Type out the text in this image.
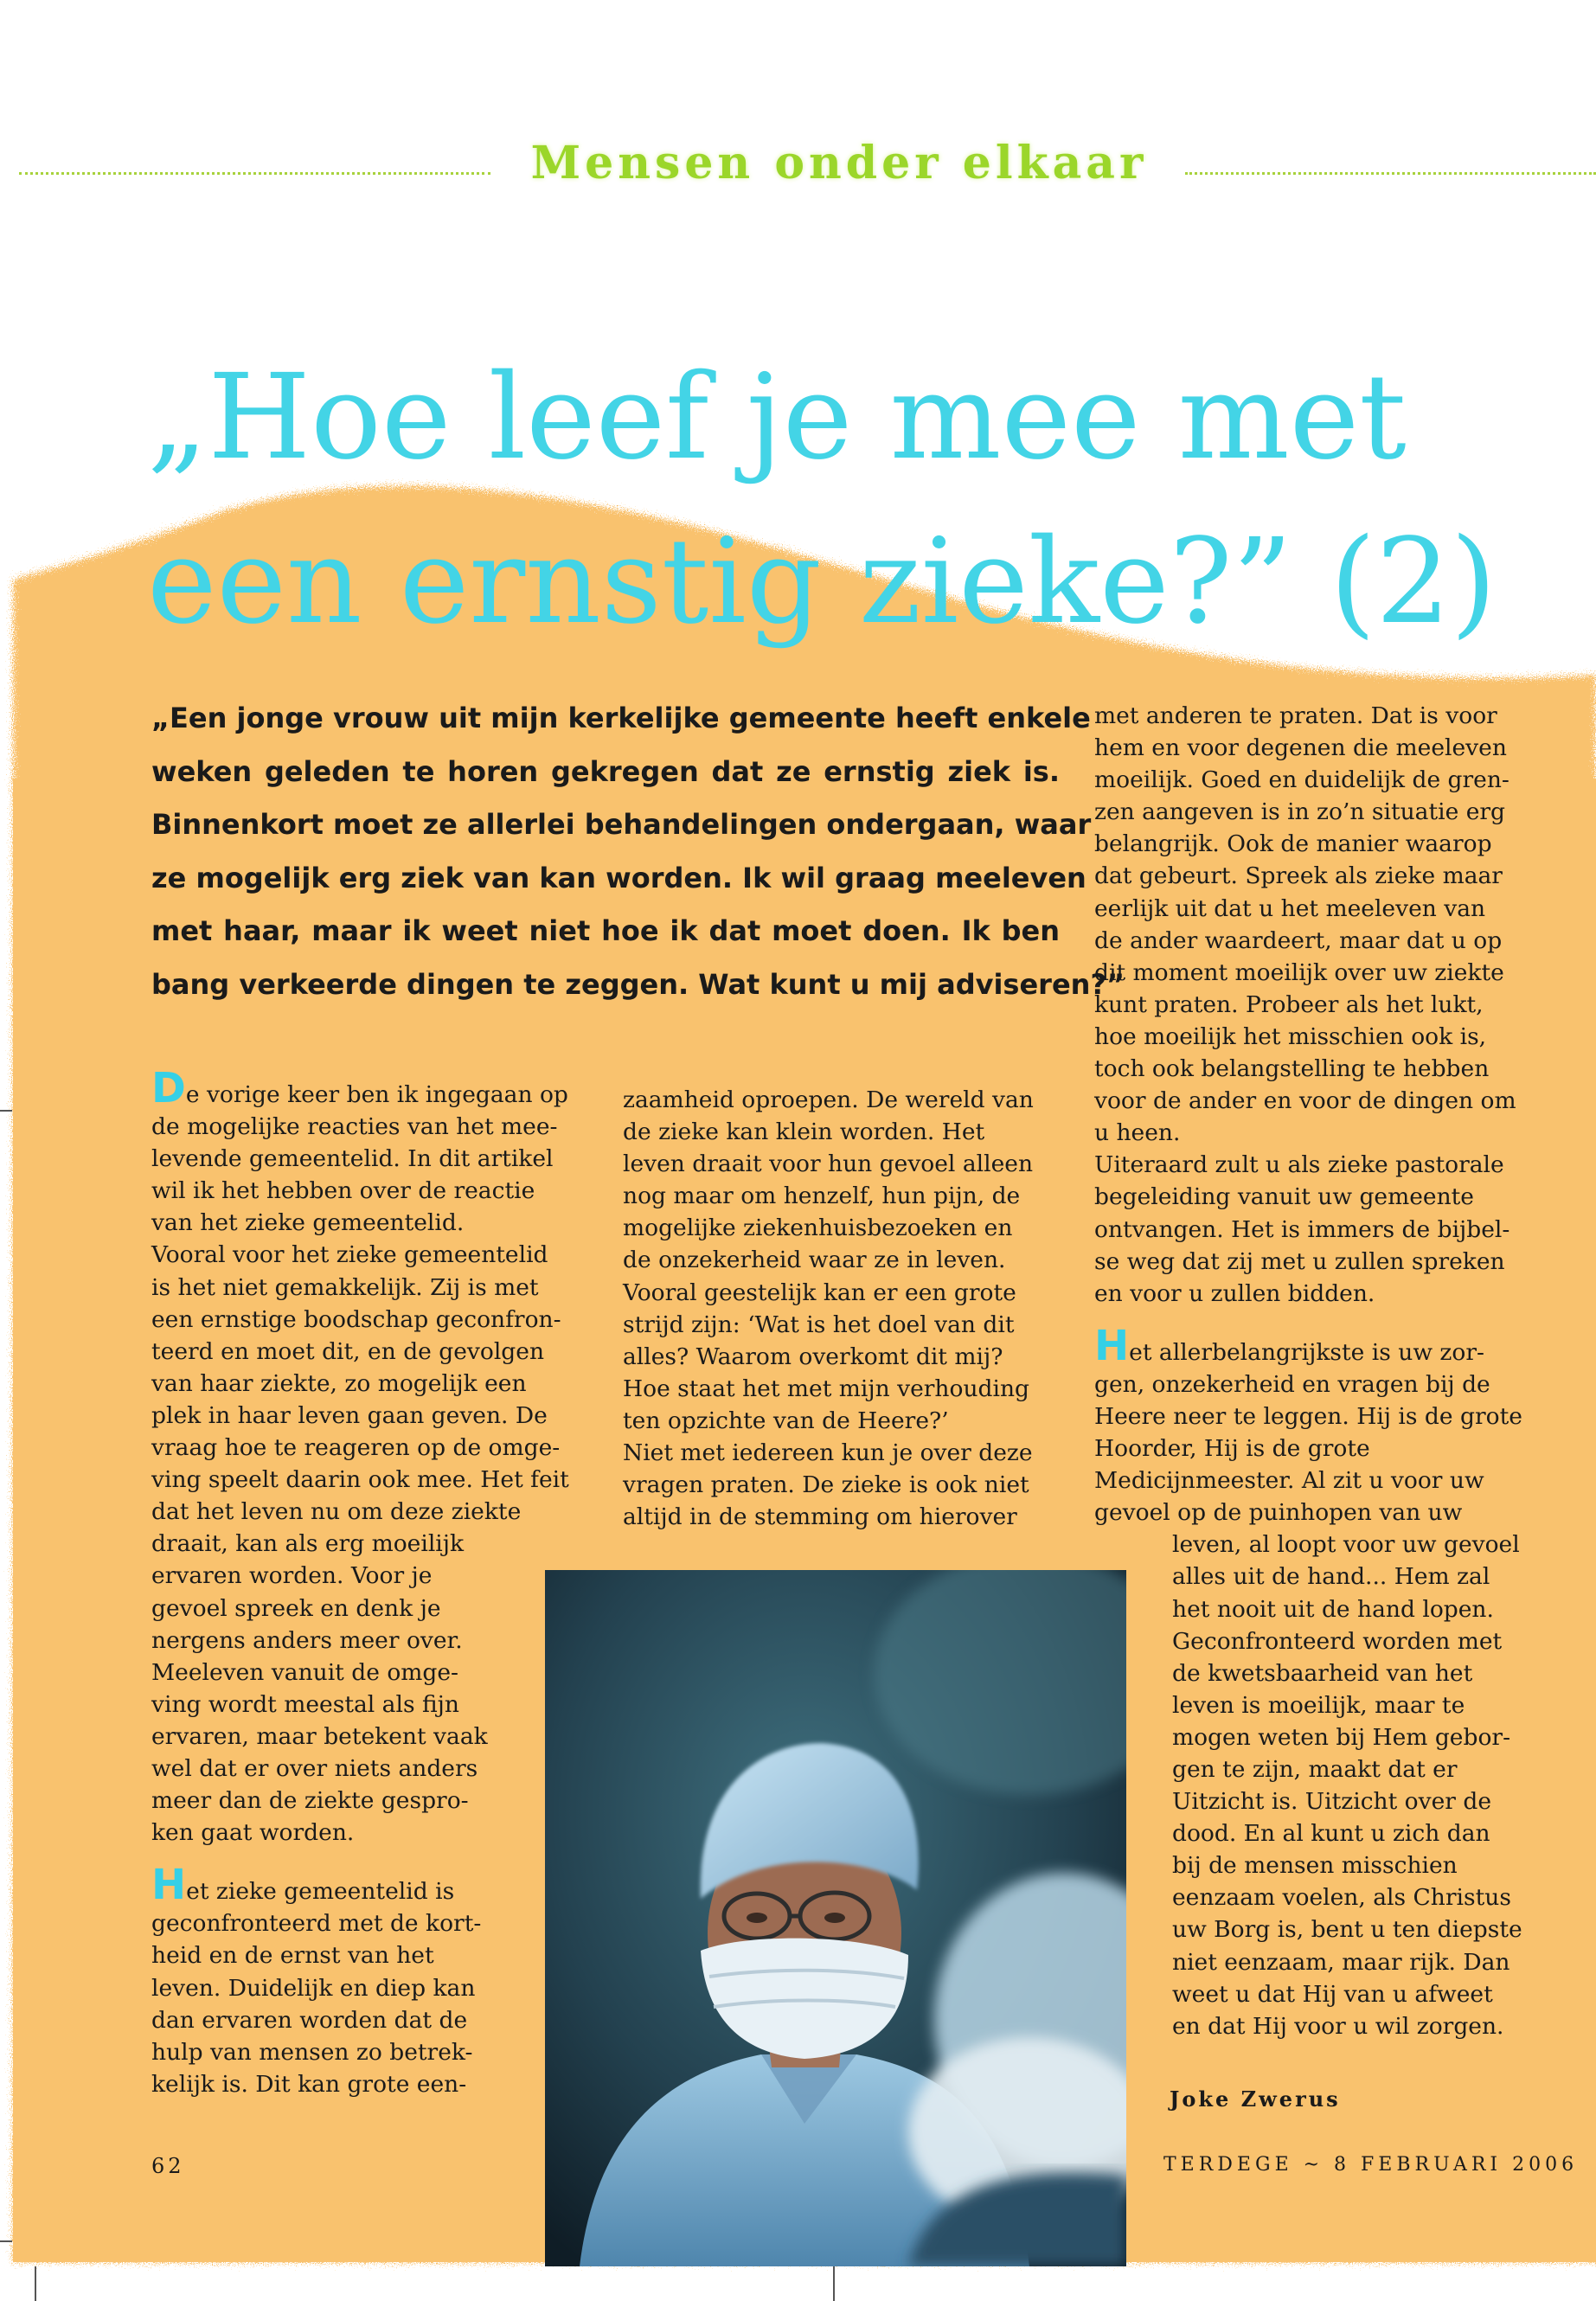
Mensen onder elkaar
„Hoe leef je mee met
een ernstig zieke?” (2)
„Een jonge vrouw uit mijn kerkelijke gemeente heeft enkele
weken geleden te horen gekregen dat ze ernstig ziek is.
Binnenkort moet ze allerlei behandelingen ondergaan, waar
ze mogelijk erg ziek van kan worden. Ik wil graag meeleven
met haar, maar ik weet niet hoe ik dat moet doen. Ik ben
bang verkeerde dingen te zeggen. Wat kunt u mij adviseren?”
De vorige keer ben ik ingegaan op
de mogelijke reacties van het mee-
levende gemeentelid. In dit artikel
wil ik het hebben over de reactie
van het zieke gemeentelid.
Vooral voor het zieke gemeentelid
is het niet gemakkelijk. Zij is met
een ernstige boodschap geconfron-
teerd en moet dit, en de gevolgen
van haar ziekte, zo mogelijk een
plek in haar leven gaan geven. De
vraag hoe te reageren op de omge-
ving speelt daarin ook mee. Het feit
dat het leven nu om deze ziekte
draait, kan als erg moeilijk
ervaren worden. Voor je
gevoel spreek en denk je
nergens anders meer over.
Meeleven vanuit de omge-
ving wordt meestal als fijn
ervaren, maar betekent vaak
wel dat er over niets anders
meer dan de ziekte gespro-
ken gaat worden.
Het zieke gemeentelid is
geconfronteerd met de kort-
heid en de ernst van het
leven. Duidelijk en diep kan
dan ervaren worden dat de
hulp van mensen zo betrek-
kelijk is. Dit kan grote een-
zaamheid oproepen. De wereld van
de zieke kan klein worden. Het
leven draait voor hun gevoel alleen
nog maar om henzelf, hun pijn, de
mogelijke ziekenhuisbezoeken en
de onzekerheid waar ze in leven.
Vooral geestelijk kan er een grote
strijd zijn: ‘Wat is het doel van dit
alles? Waarom overkomt dit mij?
Hoe staat het met mijn verhouding
ten opzichte van de Heere?’
Niet met iedereen kun je over deze
vragen praten. De zieke is ook niet
altijd in de stemming om hierover
met anderen te praten. Dat is voor
hem en voor degenen die meeleven
moeilijk. Goed en duidelijk de gren-
zen aangeven is in zo’n situatie erg
belangrijk. Ook de manier waarop
dat gebeurt. Spreek als zieke maar
eerlijk uit dat u het meeleven van
de ander waardeert, maar dat u op
dit moment moeilijk over uw ziekte
kunt praten. Probeer als het lukt,
hoe moeilijk het misschien ook is,
toch ook belangstelling te hebben
voor de ander en voor de dingen om
u heen.
Uiteraard zult u als zieke pastorale
begeleiding vanuit uw gemeente
ontvangen. Het is immers de bijbel-
se weg dat zij met u zullen spreken
en voor u zullen bidden.
Het allerbelangrijkste is uw zor-
gen, onzekerheid en vragen bij de
Heere neer te leggen. Hij is de grote
Hoorder, Hij is de grote
Medicijnmeester. Al zit u voor uw
gevoel op de puinhopen van uw
leven, al loopt voor uw gevoel
alles uit de hand... Hem zal
het nooit uit de hand lopen.
Geconfronteerd worden met
de kwetsbaarheid van het
leven is moeilijk, maar te
mogen weten bij Hem gebor-
gen te zijn, maakt dat er
Uitzicht is. Uitzicht over de
dood. En al kunt u zich dan
bij de mensen misschien
eenzaam voelen, als Christus
uw Borg is, bent u ten diepste
niet eenzaam, maar rijk. Dan
weet u dat Hij van u afweet
en dat Hij voor u wil zorgen.
Joke Zwerus
62	TERDEGE ~ 8 FEBRUARI 2006
